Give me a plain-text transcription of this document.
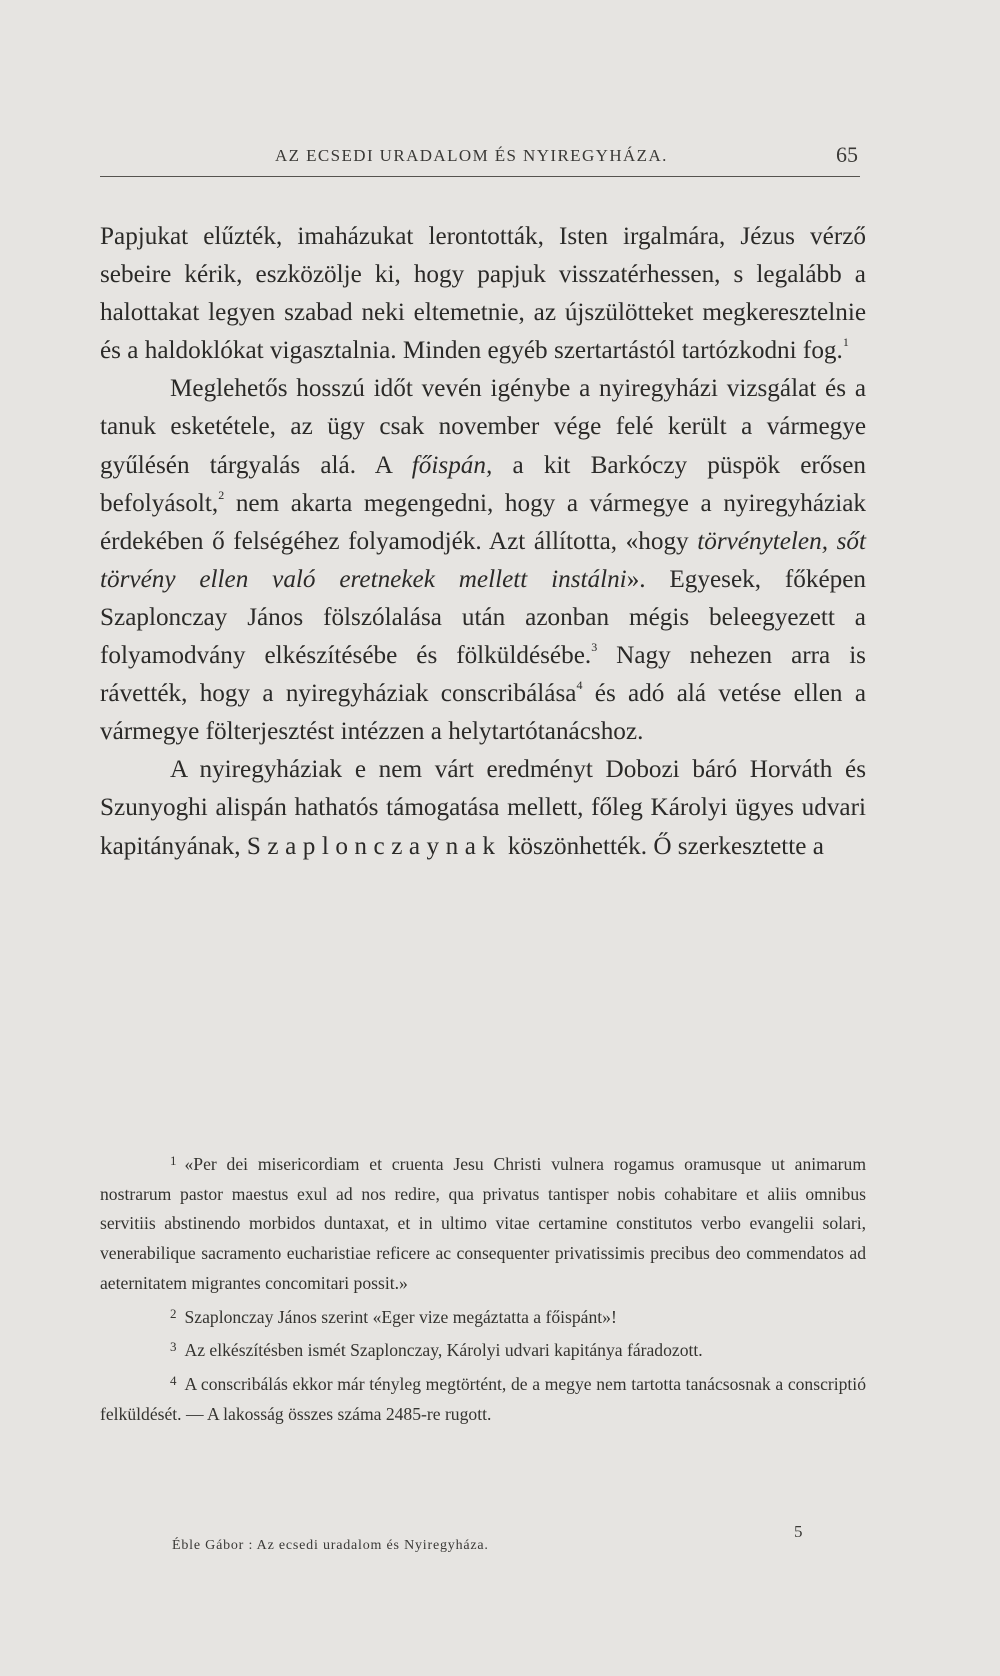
AZ ECSEDI URADALOM ÉS NYIREGYHÁZA.	65

Papjukat elűzték, imaházukat lerontották, Isten irgalmára, Jézus vérző sebeire kérik, eszközölje ki, hogy papjuk visszatérhessen, s legalább a halottakat legyen szabad neki eltemetnie, az újszülötteket megkeresztelnie és a haldoklókat vigasztalnia. Minden egyéb szertartástól tartózkodni fog.$^1$

Meglehetős hosszú időt vevén igénybe a nyiregyházi vizsgálat és a tanuk esketétele, az ügy csak november vége felé került a vármegye gyűlésén tárgyalás alá. A főispán, a kit Barkóczy püspök erősen befolyásolt,$^2$ nem akarta megengedni, hogy a vármegye a nyiregyháziak érdekében ő felségéhez folyamodjék. Azt állította, «hogy törvénytelen, sőt törvény ellen való eretnekek mellett instálni». Egyesek, főképen Szaplonczay János fölszólalása után azonban mégis beleegyezett a folyamodvány elkészítésébe és fölküldésébe.$^3$ Nagy nehezen arra is rávették, hogy a nyiregyháziak conscribálása$^4$ és adó alá vetése ellen a vármegye fölterjesztést intézzen a helytartótanácshoz.

A nyiregyháziak e nem várt eredményt Dobozi báró Horváth és Szunyoghi alispán hathatós támogatása mellett, főleg Károlyi ügyes udvari kapitányának, Szaplonczaynak köszönhették. Ő szerkesztette a

$^1$ «Per dei misericordiam et cruenta Jesu Christi vulnera rogamus oramusque ut animarum nostrarum pastor maestus exul ad nos redire, qua privatus tantisper nobis cohabitare et aliis omnibus servitiis abstinendo morbidos duntaxat, et in ultimo vitae certamine constitutos verbo evangelii solari, venerabilique sacramento eucharistiae reficere ac consequenter privatissimis precibus deo commendatos ad aeternitatem migrantes concomitari possit.»

$^2$ Szaplonczay János szerint «Eger vize megáztatta a főispánt»!

$^3$ Az elkészítésben ismét Szaplonczay, Károlyi udvari kapitánya fáradozott.

$^4$ A conscribálás ekkor már tényleg megtörtént, de a megye nem tartotta tanácsosnak a conscriptió felküldését. — A lakosság összes száma 2485-re rugott.

Éble Gábor : Az ecsedi uradalom és Nyiregyháza.
5
